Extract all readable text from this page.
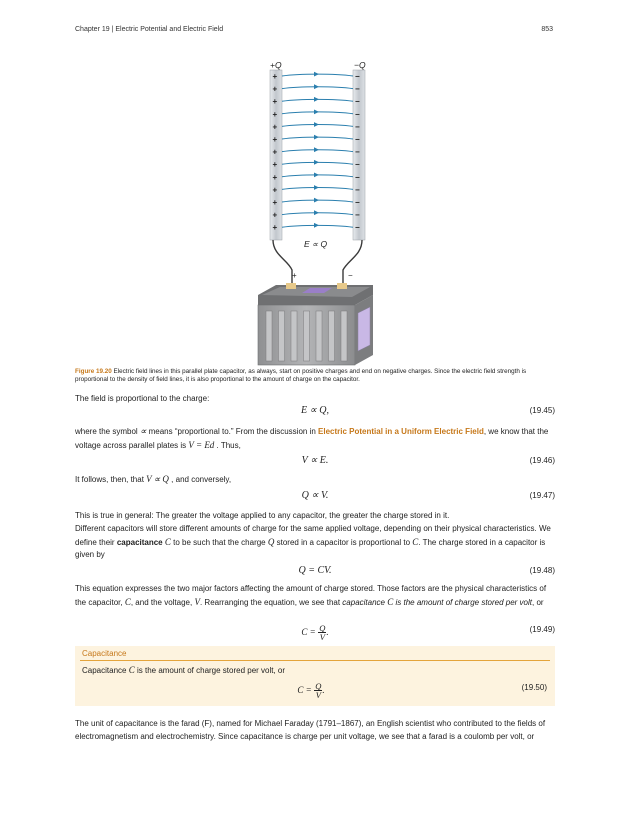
Chapter 19 | Electric Potential and Electric Field	853
+Q	−Q
+
+
+
+
+
+
+
+
+
+
+
+
+
−
−
−
−
−
−
−
−
−
−
−
−
−
E ∝ Q
+	−
Figure 19.20 Electric field lines in this parallel plate capacitor, as always, start on positive charges and end on negative charges. Since the electric field strength is proportional to the density of field lines, it is also proportional to the amount of charge on the capacitor.
The field is proportional to the charge:
E ∝ Q,	(19.45)
where the symbol ∝ means “proportional to.” From the discussion in Electric Potential in a Uniform Electric Field, we know that the voltage across parallel plates is V = Ed . Thus,
V ∝ E.	(19.46)
It follows, then, that V ∝ Q , and conversely,
Q ∝ V.	(19.47)
This is true in general: The greater the voltage applied to any capacitor, the greater the charge stored in it.
Different capacitors will store different amounts of charge for the same applied voltage, depending on their physical characteristics. We define their capacitance C to be such that the charge Q stored in a capacitor is proportional to C. The charge stored in a capacitor is given by
Q = CV.	(19.48)
This equation expresses the two major factors affecting the amount of charge stored. Those factors are the physical characteristics of the capacitor, C, and the voltage, V. Rearranging the equation, we see that capacitance C is the amount of charge stored per volt, or
$C = \frac{Q}{V}$ .	(19.49)
Capacitance
Capacitance C is the amount of charge stored per volt, or
$C = \frac{Q}{V}$ .	(19.50)
The unit of capacitance is the farad (F), named for Michael Faraday (1791–1867), an English scientist who contributed to the fields of electromagnetism and electrochemistry. Since capacitance is charge per unit voltage, we see that a farad is a coulomb per volt, or
